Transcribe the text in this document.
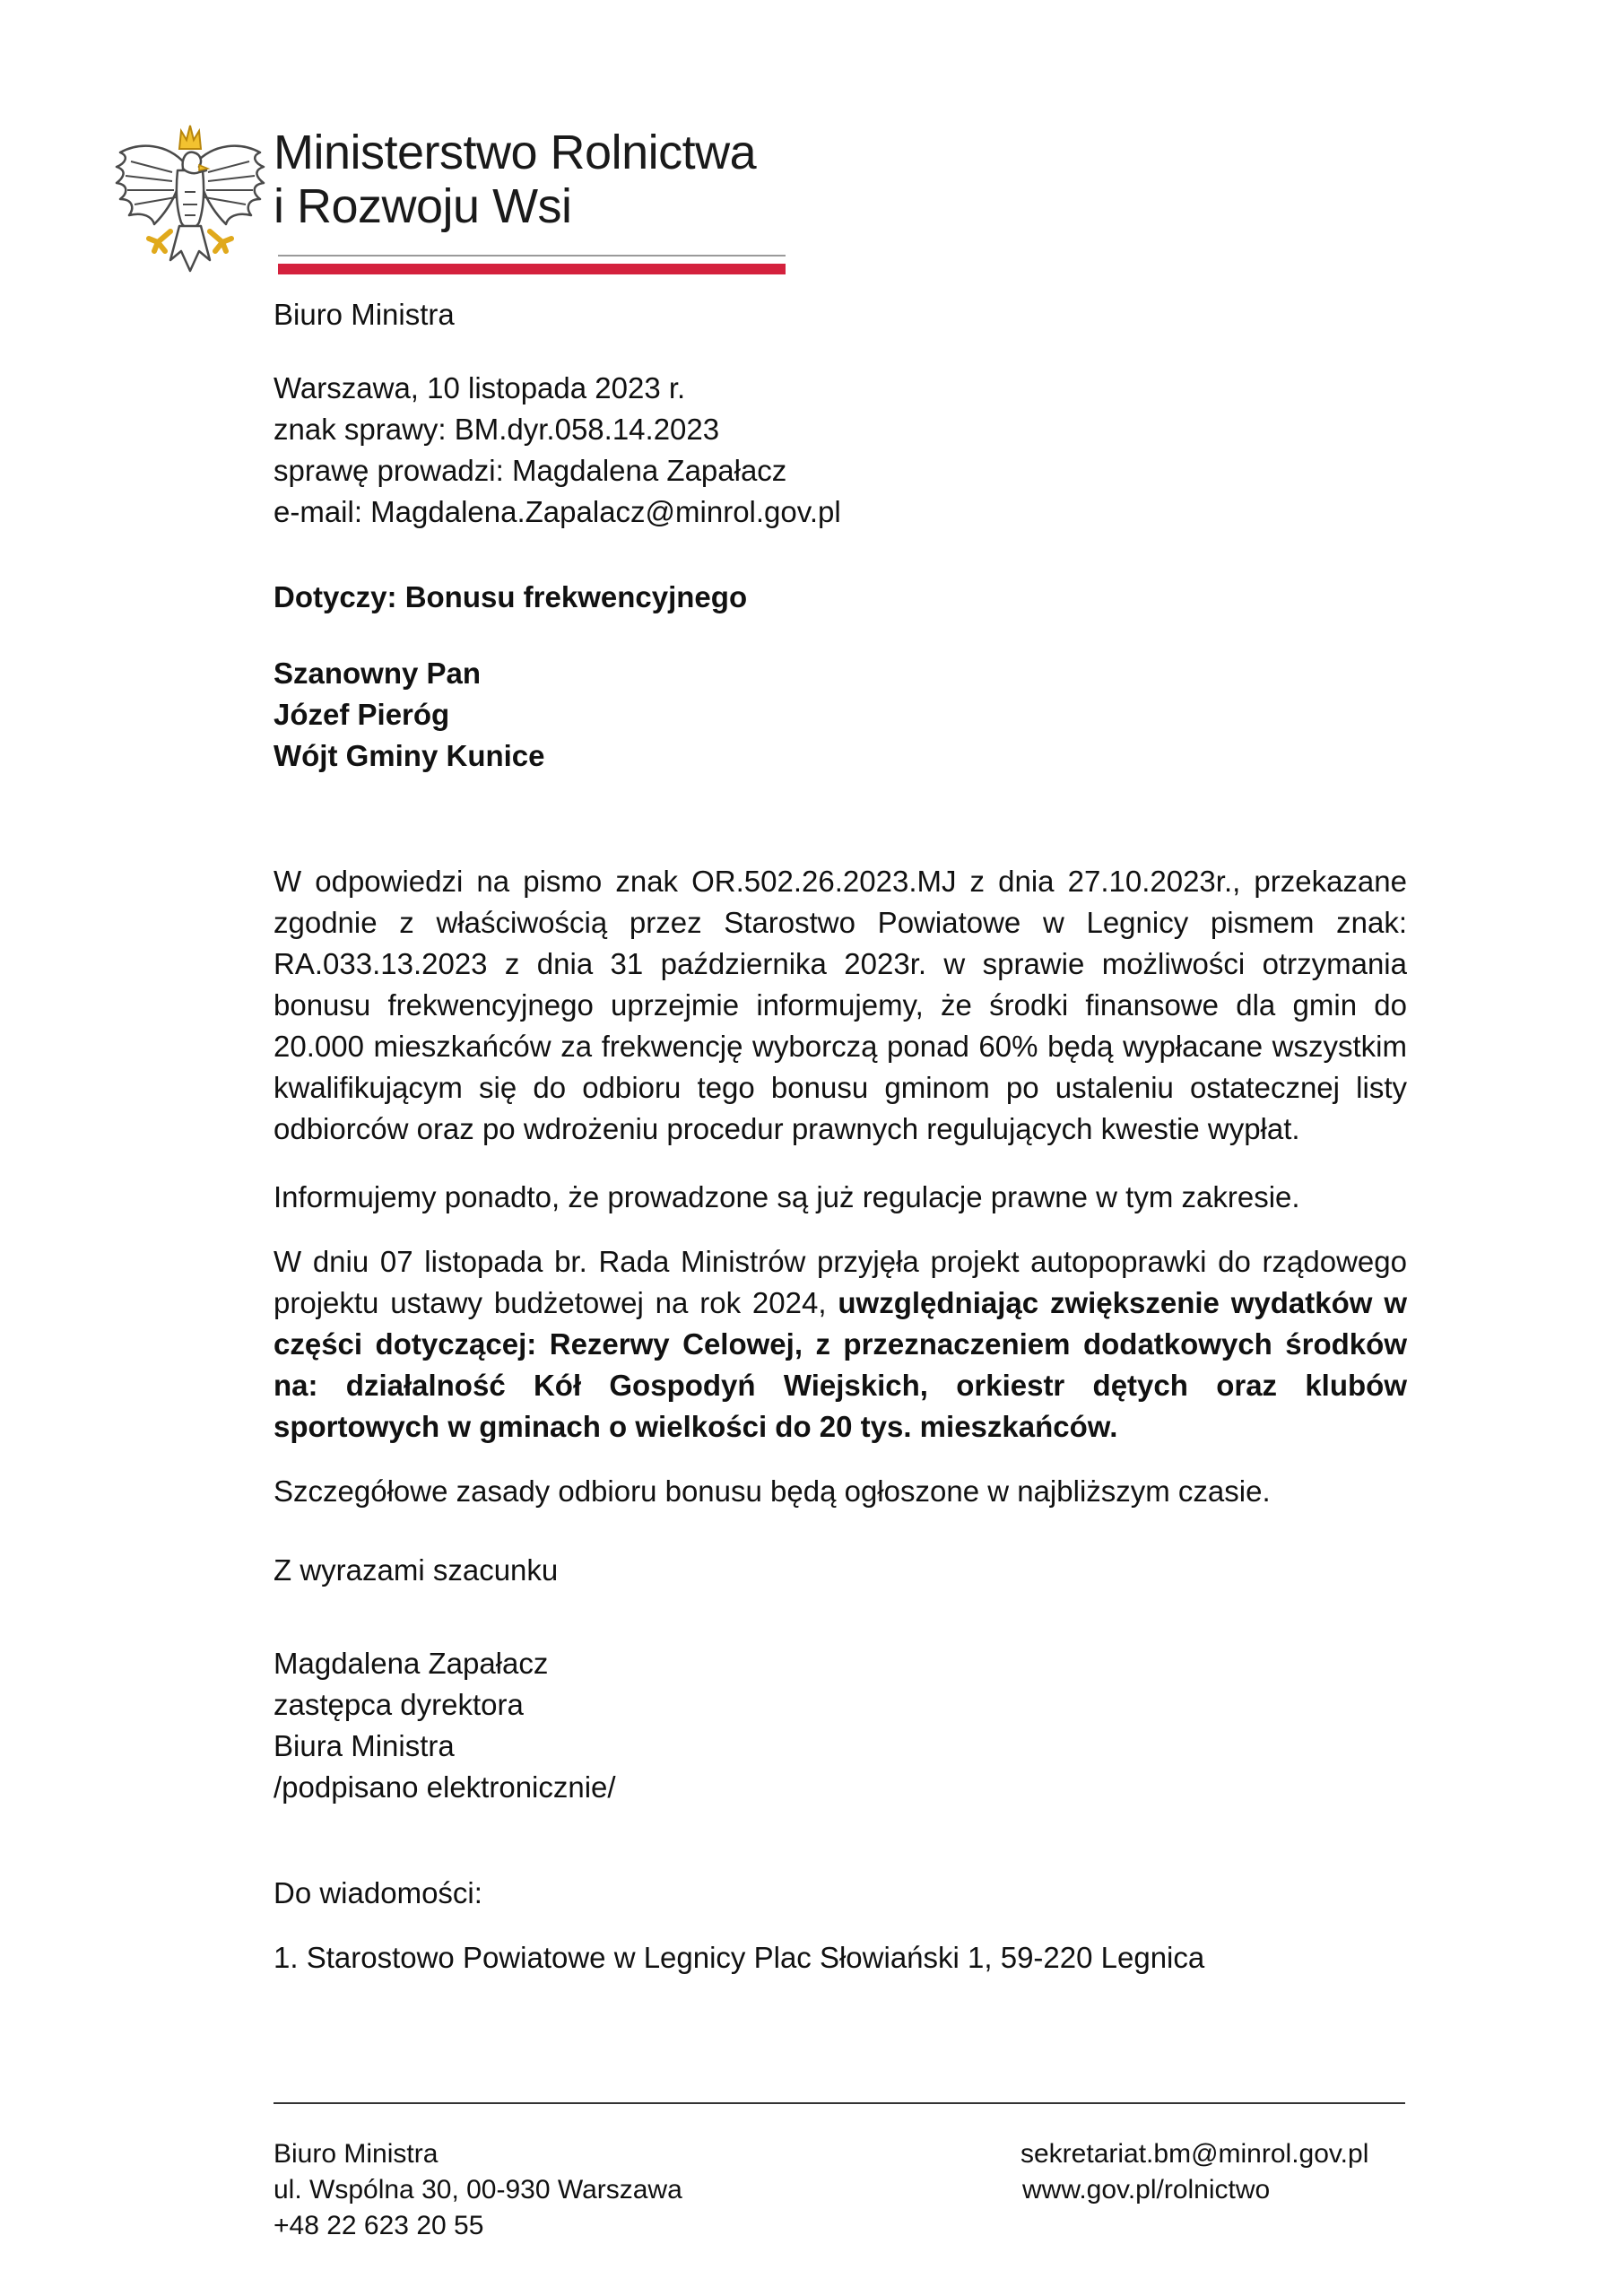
Ministerstwo Rolnictwa
i Rozwoju Wsi
Biuro Ministra
Warszawa, 10 listopada 2023 r.
znak sprawy: BM.dyr.058.14.2023
sprawę prowadzi: Magdalena Zapałacz
e-mail: Magdalena.Zapalacz@minrol.gov.pl
Dotyczy: Bonusu frekwencyjnego
Szanowny Pan
Józef Pieróg
Wójt Gminy Kunice
W odpowiedzi na pismo znak OR.502.26.2023.MJ z dnia 27.10.2023r., przekazane zgodnie z właściwością przez Starostwo Powiatowe w Legnicy pismem znak: RA.033.13.2023 z dnia 31 października 2023r. w sprawie możliwości otrzymania bonusu frekwencyjnego uprzejmie informujemy, że środki finansowe dla gmin do 20.000 mieszkańców za frekwencję wyborczą ponad 60% będą wypłacane wszystkim kwalifikującym się do odbioru tego bonusu gminom po ustaleniu ostatecznej listy odbiorców oraz po wdrożeniu procedur prawnych regulujących kwestie wypłat.
Informujemy ponadto, że prowadzone są już regulacje prawne w tym zakresie.
W dniu 07 listopada br. Rada Ministrów przyjęła projekt autopoprawki do rządowego projektu ustawy budżetowej na rok 2024, uwzględniając zwiększenie wydatków w części dotyczącej: Rezerwy Celowej, z przeznaczeniem dodatkowych środków na: działalność Kół Gospodyń Wiejskich, orkiestr dętych oraz klubów sportowych w gminach o wielkości do 20 tys. mieszkańców.
Szczegółowe zasady odbioru bonusu będą ogłoszone w najbliższym czasie.
Z wyrazami szacunku
Magdalena Zapałacz
zastępca dyrektora
Biura Ministra
/podpisano elektronicznie/
Do wiadomości:
1. Starostowo Powiatowe w Legnicy Plac Słowiański 1, 59-220 Legnica
Biuro Ministra
ul. Wspólna 30, 00-930 Warszawa
+48 22 623 20 55
sekretariat.bm@minrol.gov.pl
www.gov.pl/rolnictwo
